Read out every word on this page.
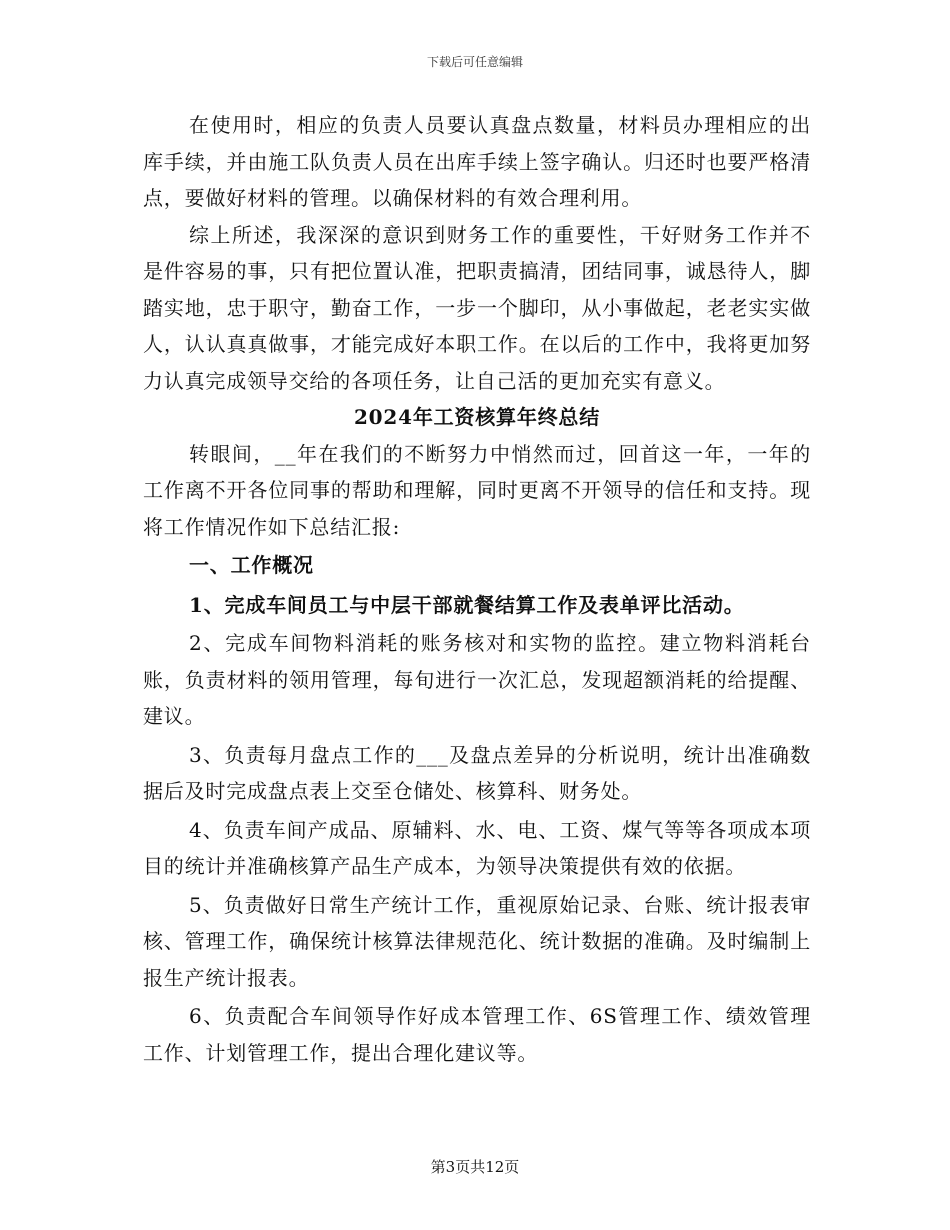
下载后可任意编辑

在使用时，相应的负责人员要认真盘点数量，材料员办理相应的出库手续，并由施工队负责人员在出库手续上签字确认。归还时也要严格清点，要做好材料的管理。以确保材料的有效合理利用。

综上所述，我深深的意识到财务工作的重要性，干好财务工作并不是件容易的事，只有把位置认准，把职责搞清，团结同事，诚恳待人，脚踏实地，忠于职守，勤奋工作，一步一个脚印，从小事做起，老老实实做人，认认真真做事，才能完成好本职工作。在以后的工作中，我将更加努力认真完成领导交给的各项任务，让自己活的更加充实有意义。

2024年工资核算年终总结

转眼间，__年在我们的不断努力中悄然而过，回首这一年，一年的工作离不开各位同事的帮助和理解，同时更离不开领导的信任和支持。现将工作情况作如下总结汇报:

一、工作概况

1、完成车间员工与中层干部就餐结算工作及表单评比活动。

2、完成车间物料消耗的账务核对和实物的监控。建立物料消耗台账，负责材料的领用管理，每旬进行一次汇总，发现超额消耗的给提醒、建议。

3、负责每月盘点工作的___及盘点差异的分析说明，统计出准确数据后及时完成盘点表上交至仓储处、核算科、财务处。

4、负责车间产成品、原辅料、水、电、工资、煤气等等各项成本项目的统计并准确核算产品生产成本，为领导决策提供有效的依据。

5、负责做好日常生产统计工作，重视原始记录、台账、统计报表审核、管理工作，确保统计核算法律规范化、统计数据的准确。及时编制上报生产统计报表。

6、负责配合车间领导作好成本管理工作、6S管理工作、绩效管理工作、计划管理工作，提出合理化建议等。

第3页共12页
